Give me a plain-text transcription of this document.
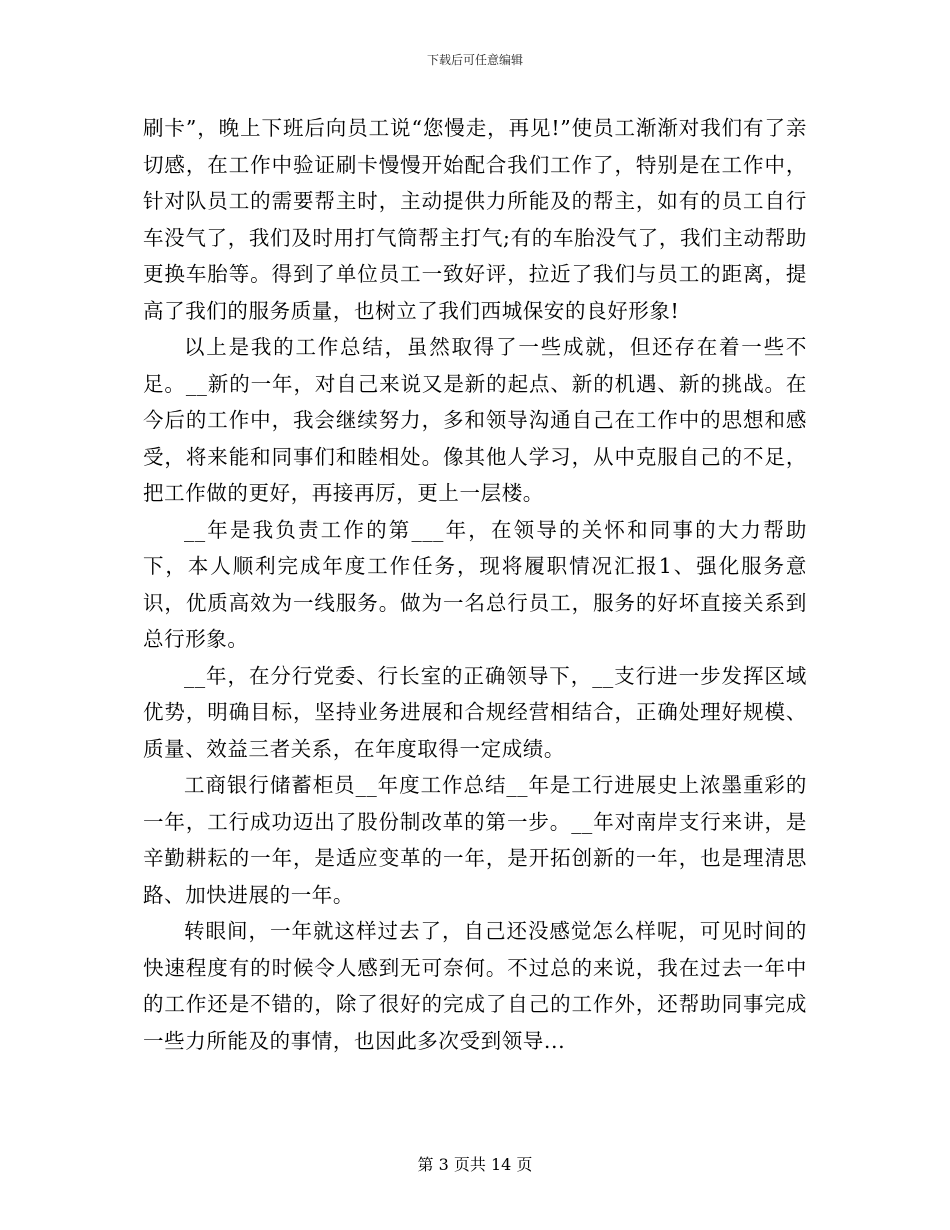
下载后可任意编辑

刷卡”，晚上下班后向员工说“您慢走，再见!”使员工渐渐对我们有了亲切感，在工作中验证刷卡慢慢开始配合我们工作了，特别是在工作中，针对队员工的需要帮主时，主动提供力所能及的帮主，如有的员工自行车没气了，我们及时用打气筒帮主打气;有的车胎没气了，我们主动帮助更换车胎等。得到了单位员工一致好评，拉近了我们与员工的距离，提高了我们的服务质量，也树立了我们西城保安的良好形象!

以上是我的工作总结，虽然取得了一些成就，但还存在着一些不足。__新的一年，对自己来说又是新的起点、新的机遇、新的挑战。在今后的工作中，我会继续努力，多和领导沟通自己在工作中的思想和感受，将来能和同事们和睦相处。像其他人学习，从中克服自己的不足，把工作做的更好，再接再厉，更上一层楼。

__年是我负责工作的第___年，在领导的关怀和同事的大力帮助下，本人顺利完成年度工作任务，现将履职情况汇报1、强化服务意识，优质高效为一线服务。做为一名总行员工，服务的好坏直接关系到总行形象。

__年，在分行党委、行长室的正确领导下，__支行进一步发挥区域优势，明确目标，坚持业务进展和合规经营相结合，正确处理好规模、质量、效益三者关系，在年度取得一定成绩。

工商银行储蓄柜员__年度工作总结__年是工行进展史上浓墨重彩的一年，工行成功迈出了股份制改革的第一步。__年对南岸支行来讲，是辛勤耕耘的一年，是适应变革的一年，是开拓创新的一年，也是理清思路、加快进展的一年。

转眼间，一年就这样过去了，自己还没感觉怎么样呢，可见时间的快速程度有的时候令人感到无可奈何。不过总的来说，我在过去一年中的工作还是不错的，除了很好的完成了自己的工作外，还帮助同事完成一些力所能及的事情，也因此多次受到领导...

第 3 页共 14 页
